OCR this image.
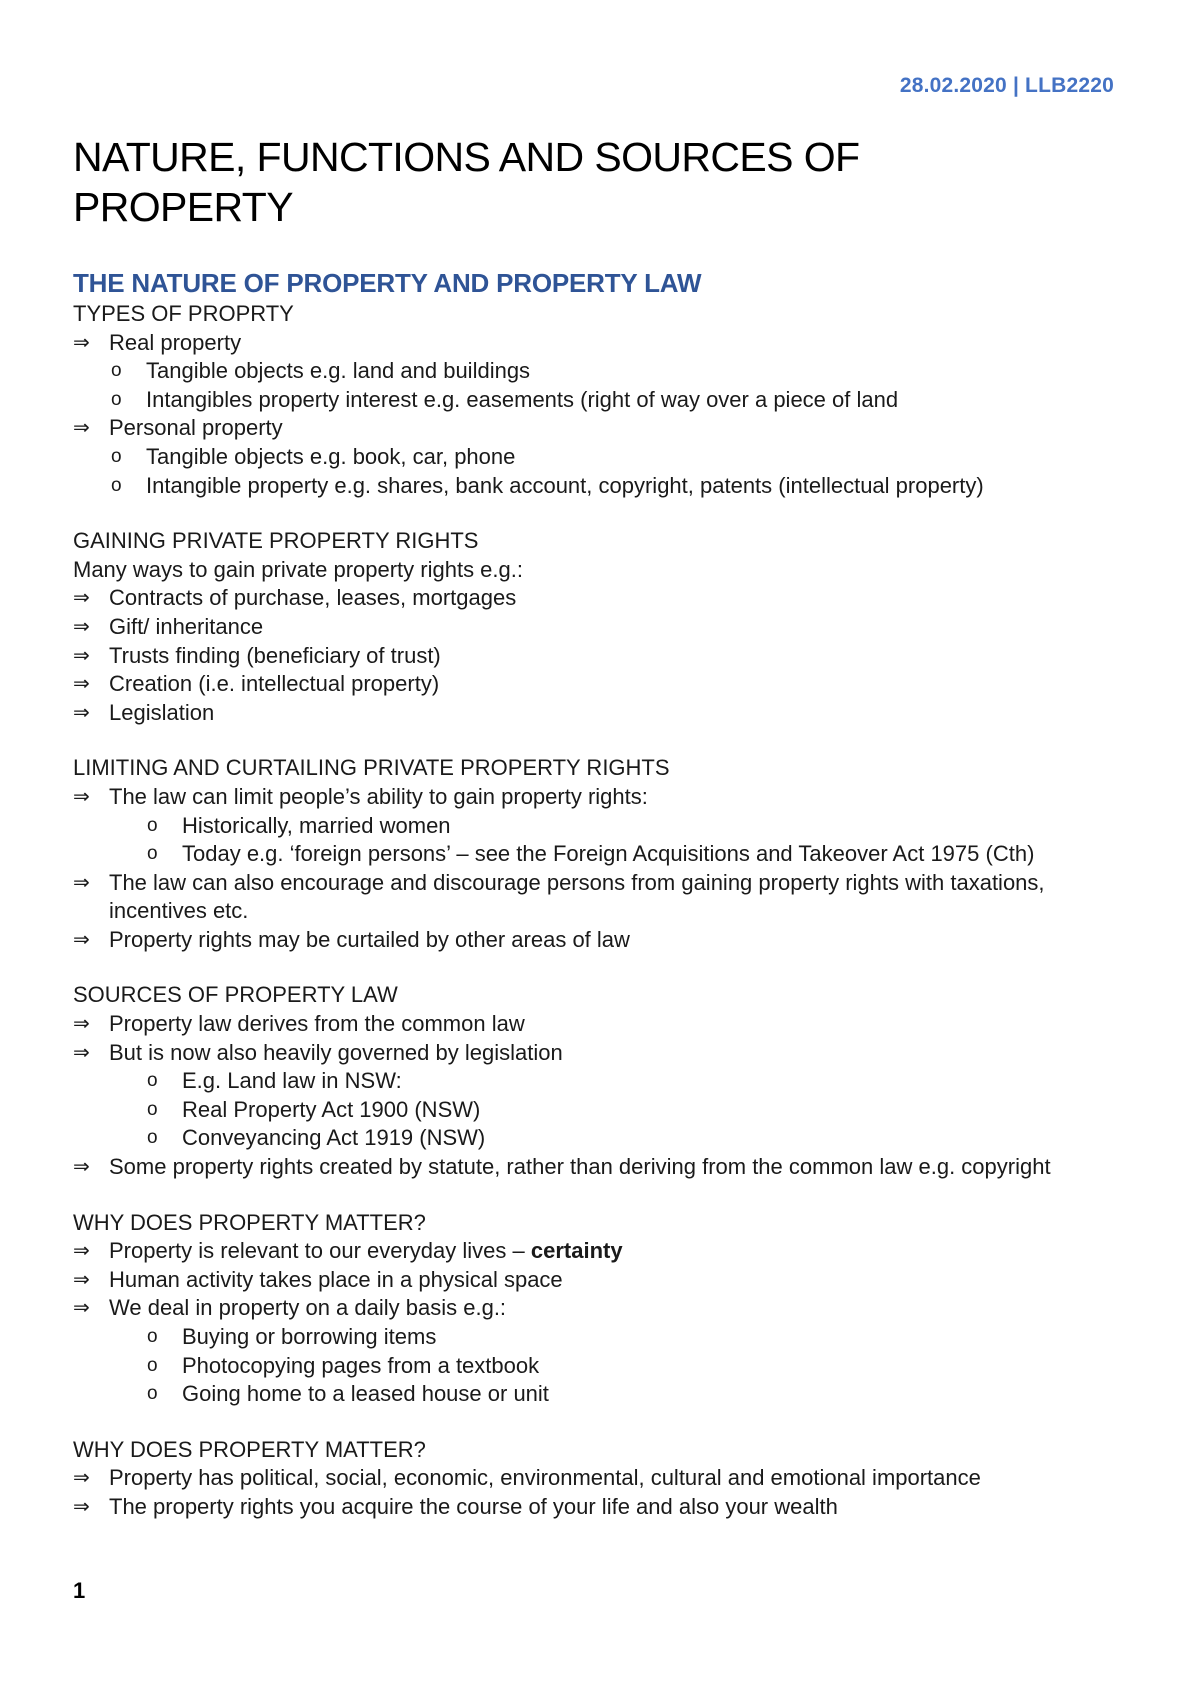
28.02.2020 | LLB2220
NATURE, FUNCTIONS AND SOURCES OF PROPERTY
THE NATURE OF PROPERTY AND PROPERTY LAW

TYPES OF PROPRTY

⇒ Real property

o Tangible objects e.g. land and buildings

o Intangibles property interest e.g. easements (right of way over a piece of land

⇒ Personal property

o Tangible objects e.g. book, car, phone

o Intangible property e.g. shares, bank account, copyright, patents (intellectual property)

GAINING PRIVATE PROPERTY RIGHTS

Many ways to gain private property rights e.g.:

⇒ Contracts of purchase, leases, mortgages

⇒ Gift/ inheritance

⇒ Trusts finding (beneficiary of trust)

⇒ Creation (i.e. intellectual property)

⇒ Legislation

LIMITING AND CURTAILING PRIVATE PROPERTY RIGHTS

⇒ The law can limit people’s ability to gain property rights:

o Historically, married women

o Today e.g. ‘foreign persons’ – see the Foreign Acquisitions and Takeover Act 1975 (Cth)

⇒ The law can also encourage and discourage persons from gaining property rights with taxations, incentives etc.

⇒ Property rights may be curtailed by other areas of law

SOURCES OF PROPERTY LAW

⇒ Property law derives from the common law

⇒ But is now also heavily governed by legislation

o E.g. Land law in NSW:

o Real Property Act 1900 (NSW)

o Conveyancing Act 1919 (NSW)

⇒ Some property rights created by statute, rather than deriving from the common law e.g. copyright

WHY DOES PROPERTY MATTER?

⇒ Property is relevant to our everyday lives – certainty

⇒ Human activity takes place in a physical space

⇒ We deal in property on a daily basis e.g.:

o Buying or borrowing items

o Photocopying pages from a textbook

o Going home to a leased house or unit

WHY DOES PROPERTY MATTER?

⇒ Property has political, social, economic, environmental, cultural and emotional importance

⇒ The property rights you acquire the course of your life and also your wealth

1
